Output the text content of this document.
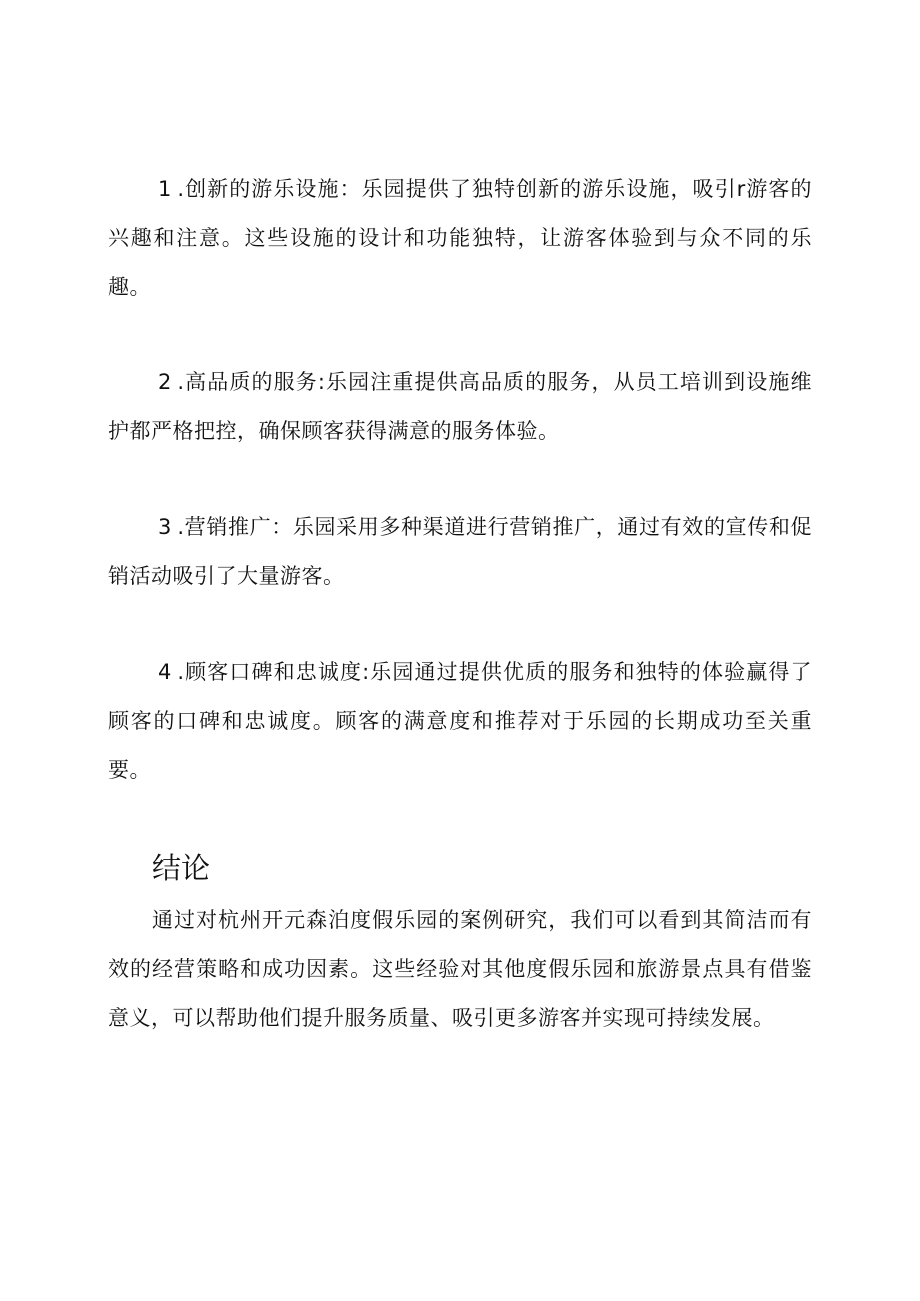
1.创新的游乐设施：乐园提供了独特创新的游乐设施，吸引r游客的兴趣和注意。这些设施的设计和功能独特，让游客体验到与众不同的乐趣。

2.高品质的服务:乐园注重提供高品质的服务，从员工培训到设施维护都严格把控，确保顾客获得满意的服务体验。

3.营销推广：乐园采用多种渠道进行营销推广，通过有效的宣传和促销活动吸引了大量游客。

4.顾客口碑和忠诚度:乐园通过提供优质的服务和独特的体验赢得了顾客的口碑和忠诚度。顾客的满意度和推荐对于乐园的长期成功至关重要。

结论

通过对杭州开元森泊度假乐园的案例研究，我们可以看到其简洁而有效的经营策略和成功因素。这些经验对其他度假乐园和旅游景点具有借鉴意义，可以帮助他们提升服务质量、吸引更多游客并实现可持续发展。
